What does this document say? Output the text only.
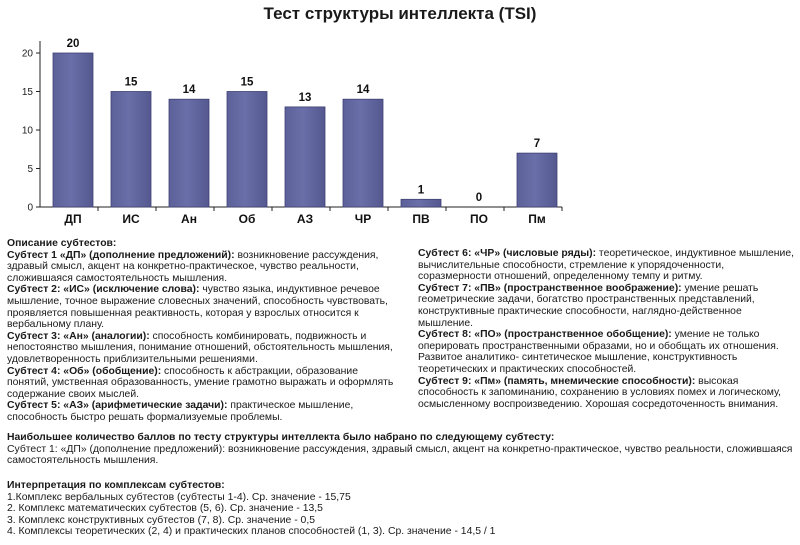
Тест структуры интеллекта (TSI)
0
5
10
15
20
20
ДП
15
ИС
14
Ан
15
Об
13
АЗ
14
ЧР
1
ПВ
0
ПО
7
Пм

Описание субтестов:

Субтест 1 «ДП» (дополнение предложений): возникновение рассуждения, здравый смысл, акцент на конкретно-практическое, чувство реальности, сложившаяся самостоятельность мышления.

Субтест 2: «ИС» (исключение слова): чувство языка, индуктивное речевое мышление, точное выражение словесных значений, способность чувствовать, проявляется повышенная реактивность, которая у взрослых относится к вербальному плану.

Субтест 3: «Ан» (аналогии): способность комбинировать, подвижность и непостоянство мышления, понимание отношений, обстоятельность мышления, удовлетворенность приблизительными решениями.

Субтест 4: «Об» (обобщение): способность к абстракции, образование понятий, умственная образованность, умение грамотно выражать и оформлять содержание своих мыслей.

Субтест 5: «АЗ» (арифметические задачи): практическое мышление, способность быстро решать формализуемые проблемы.

Субтест 6: «ЧР» (числовые ряды): теоретическое, индуктивное мышление, вычислительные способности, стремление к упорядоченности, соразмерности отношений, определенному темпу и ритму.

Субтест 7: «ПВ» (пространственное воображение): умение решать геометрические задачи, богатство пространственных представлений, конструктивные практические способности, наглядно-действенное мышление.

Субтест 8: «ПО» (пространственное обобщение): умение не только оперировать пространственными образами, но и обобщать их отношения. Развитое аналитико- синтетическое мышление, конструктивность теоретических и практических способностей.

Субтест 9: «Пм» (память, мнемические способности): высокая способность к запоминанию, сохранению в условиях помех и логическому, осмысленному воспроизведению. Хорошая сосредоточенность внимания.

Наибольшее количество баллов по тесту структуры интеллекта было набрано по следующему субтесту:

Субтест 1: «ДП» (дополнение предложений): возникновение рассуждения, здравый смысл, акцент на конкретно-практическое, чувство реальности, сложившаяся самостоятельность мышления.

Интерпретация по комплексам субтестов:

1.Комплекс вербальных субтестов (субтесты 1-4). Ср. значение - 15,75

2. Комплекс математических субтестов (5, 6). Ср. значение - 13,5

3. Комплекс конструктивных субтестов (7, 8). Ср. значение - 0,5

4. Комплексы теоретических (2, 4) и практических планов способностей (1, 3). Ср. значение - 14,5 / 1
